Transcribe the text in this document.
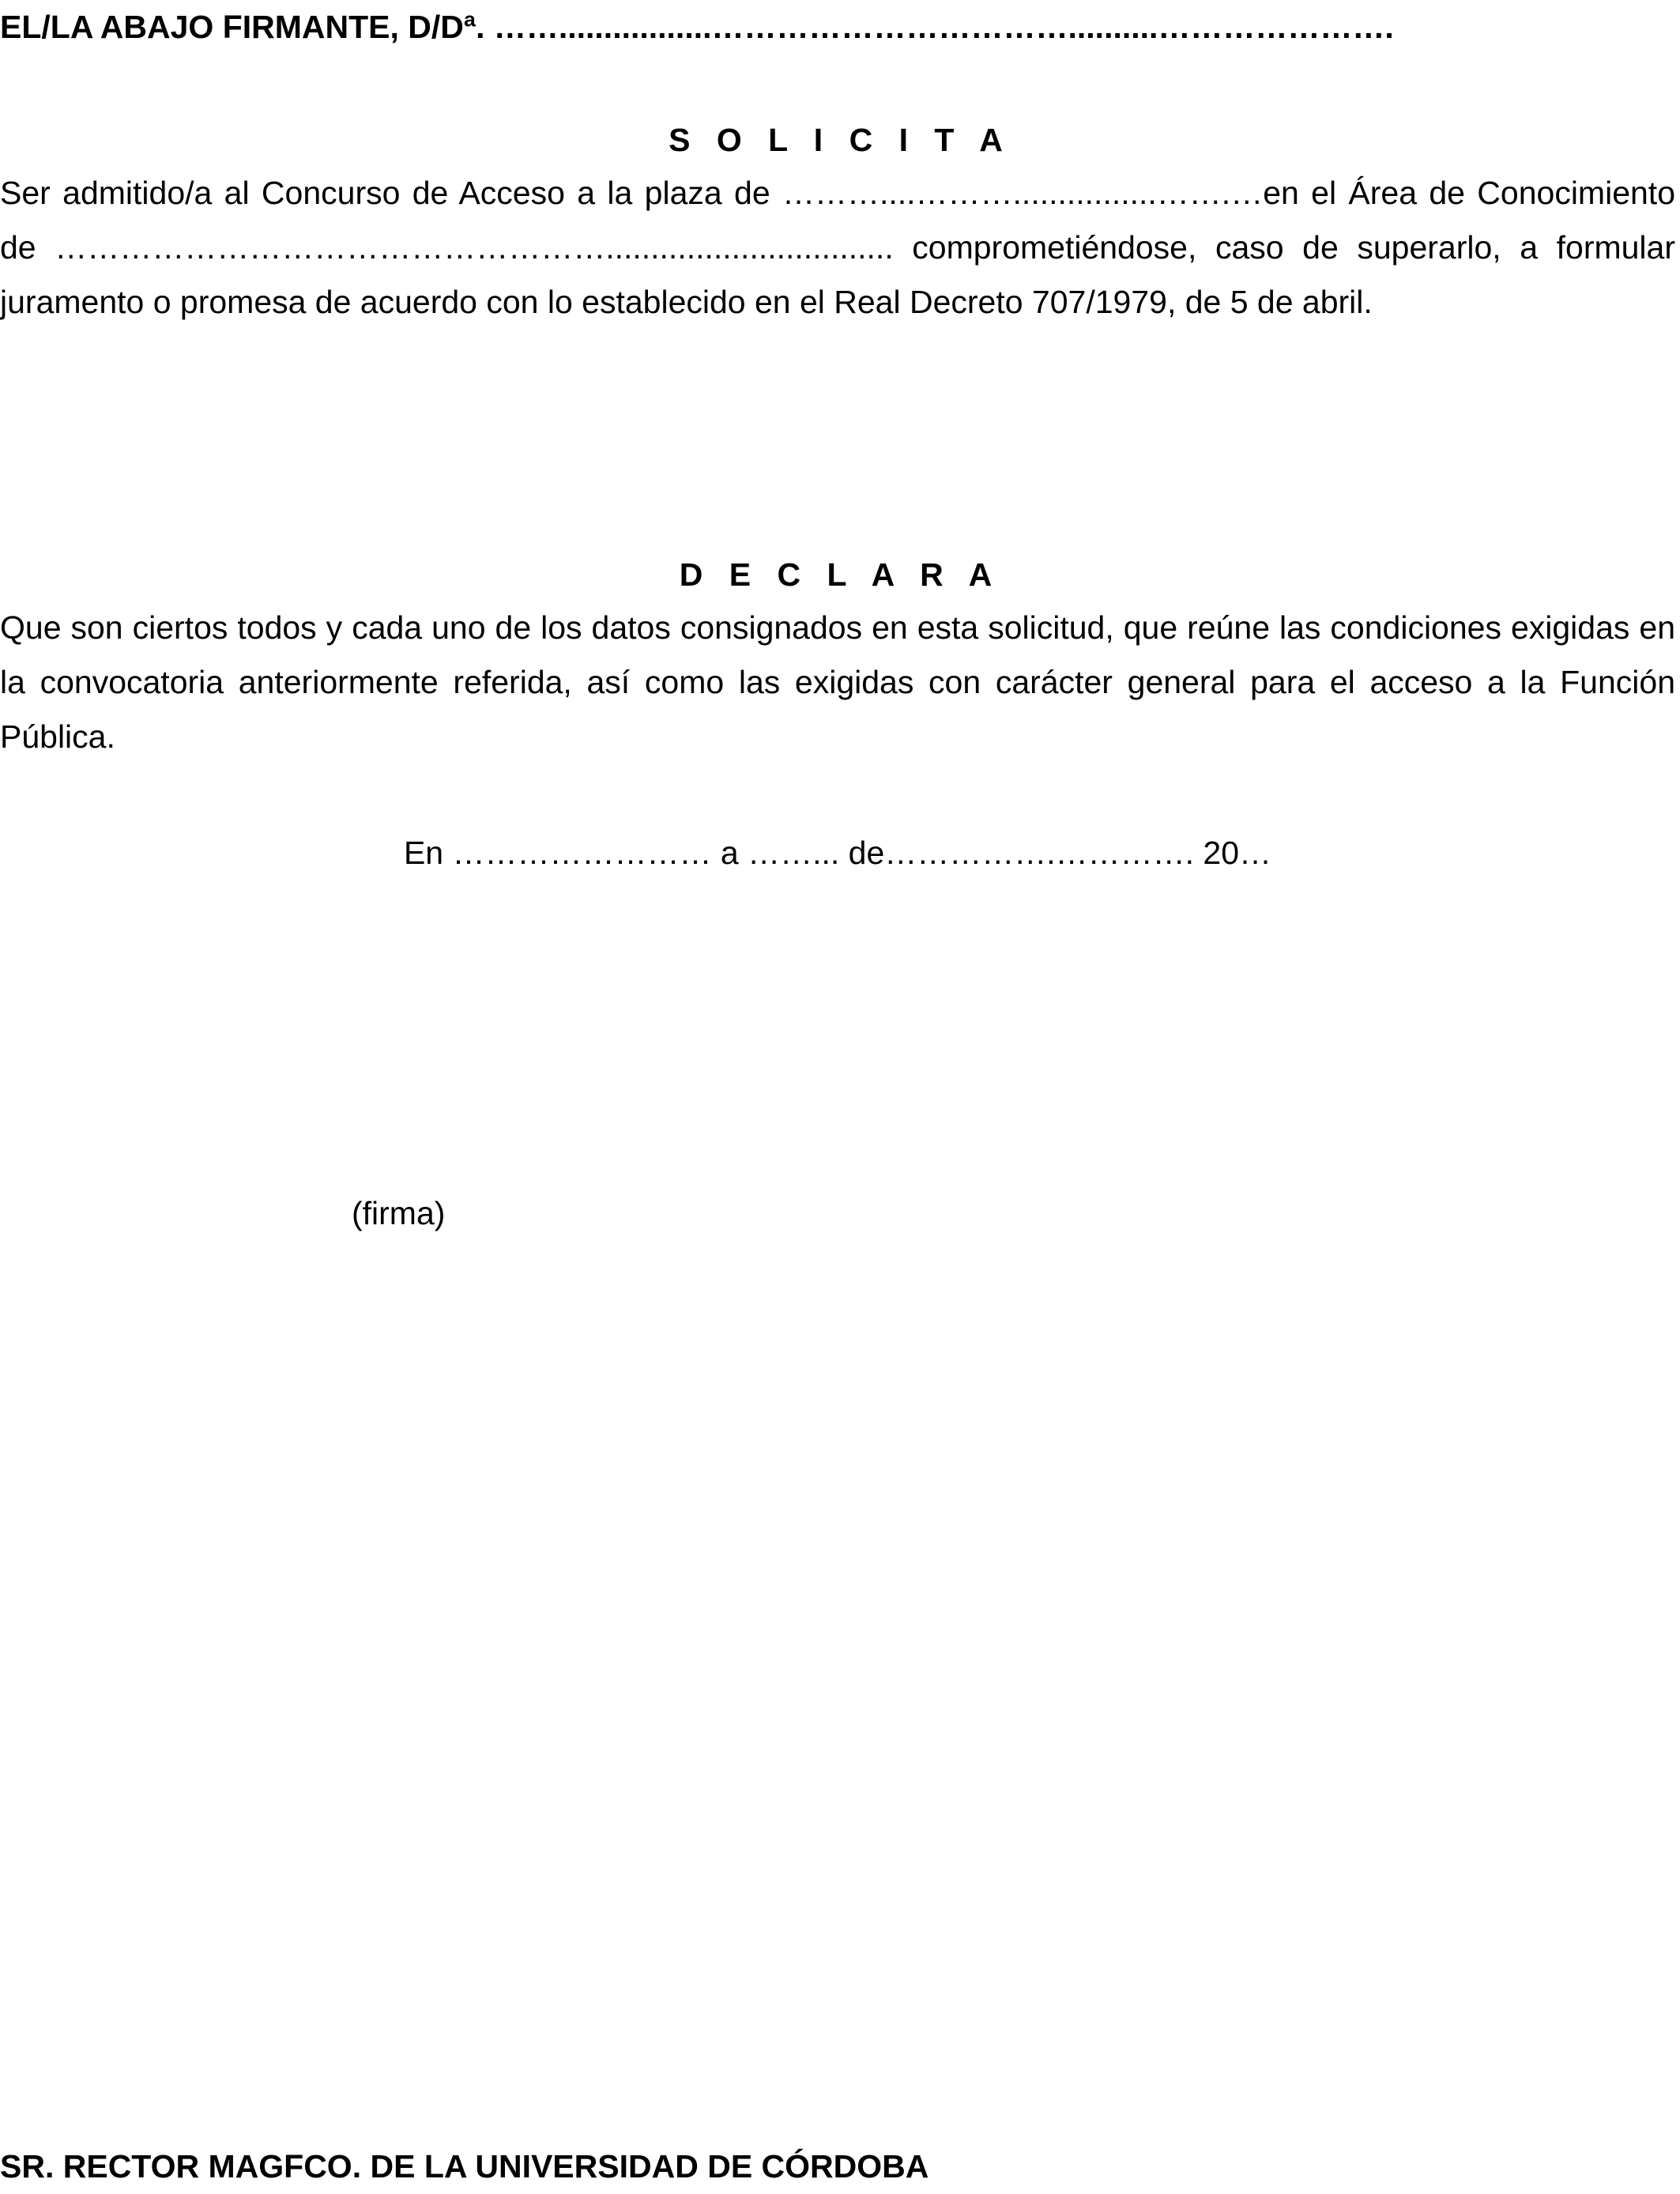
EL/LA ABAJO FIRMANTE, D/Dª. …….................……………………………..........………………….
S O L I C I T A
Ser admitido/a al Concurso de Acceso a la plaza de ………....………................…….…en el Área de Conocimiento de ……………………………………………................................ comprometiéndose, caso de superarlo, a formular juramento o promesa de acuerdo con lo establecido en el Real Decreto 707/1979, de 5 de abril.
D E C L A R A
Que son ciertos todos y cada uno de los datos consignados en esta solicitud, que reúne las condiciones exigidas en la convocatoria anteriormente referida, así como las exigidas con carácter general para el acceso a la Función Pública.
En …………………… a ……... de…………….…………. 20…
(firma)
SR. RECTOR MAGFCO. DE LA UNIVERSIDAD DE CÓRDOBA
